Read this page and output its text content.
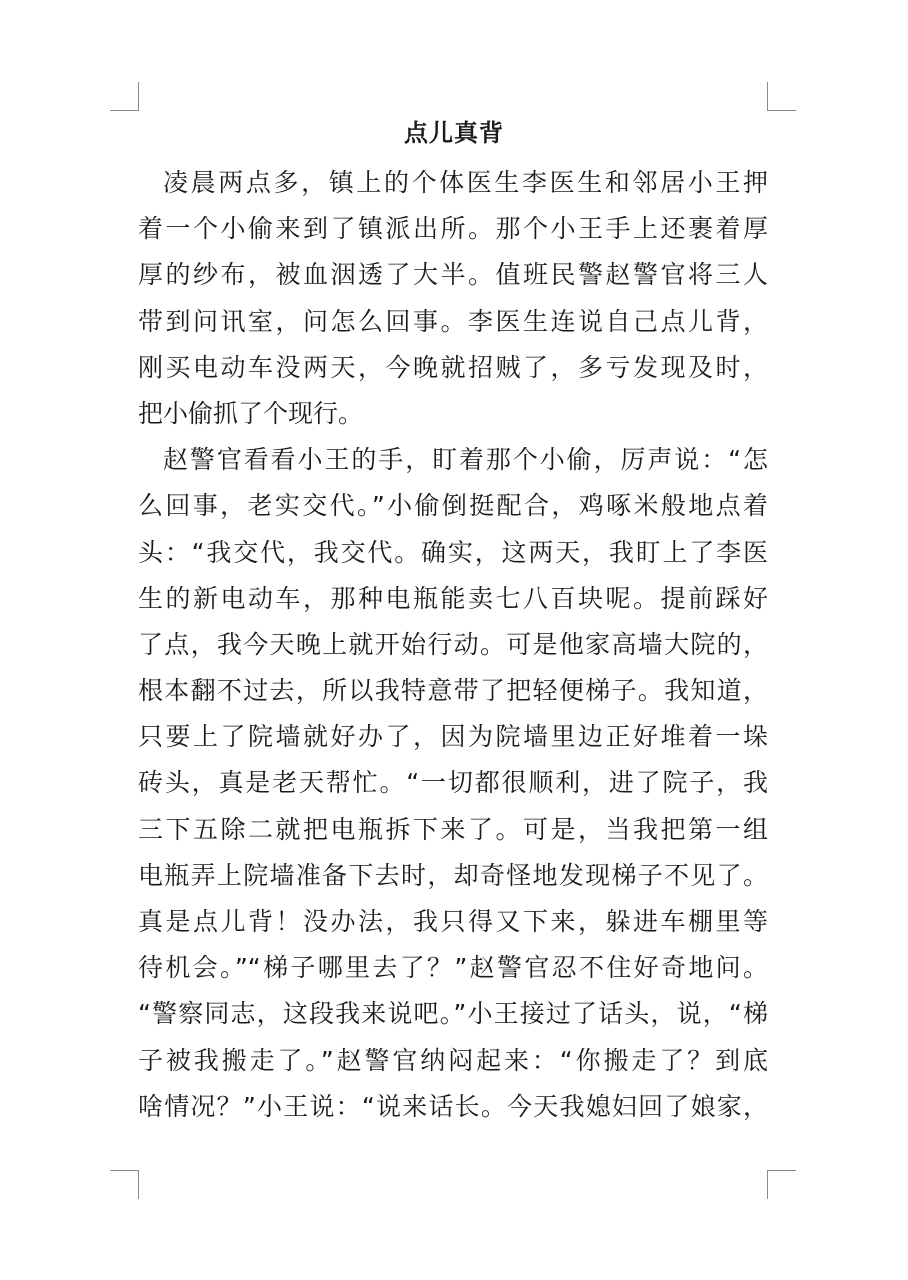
点儿真背
凌晨两点多，镇上的个体医生李医生和邻居小王押
着一个小偷来到了镇派出所。那个小王手上还裹着厚
厚的纱布，被血洇透了大半。值班民警赵警官将三人
带到问讯室，问怎么回事。李医生连说自己点儿背，
刚买电动车没两天，今晚就招贼了，多亏发现及时，
把小偷抓了个现行。
赵警官看看小王的手，盯着那个小偷，厉声说：“怎
么回事，老实交代。”小偷倒挺配合，鸡啄米般地点着
头：“我交代，我交代。确实，这两天，我盯上了李医
生的新电动车，那种电瓶能卖七八百块呢。提前踩好
了点，我今天晚上就开始行动。可是他家高墙大院的，
根本翻不过去，所以我特意带了把轻便梯子。我知道，
只要上了院墙就好办了，因为院墙里边正好堆着一垛
砖头，真是老天帮忙。“一切都很顺利，进了院子，我
三下五除二就把电瓶拆下来了。可是，当我把第一组
电瓶弄上院墙准备下去时，却奇怪地发现梯子不见了。
真是点儿背！没办法，我只得又下来，躲进车棚里等
待机会。”“梯子哪里去了？”赵警官忍不住好奇地问。
“警察同志，这段我来说吧。”小王接过了话头，说，“梯
子被我搬走了。”赵警官纳闷起来：“你搬走了？到底
啥情况？”小王说：“说来话长。今天我媳妇回了娘家，
